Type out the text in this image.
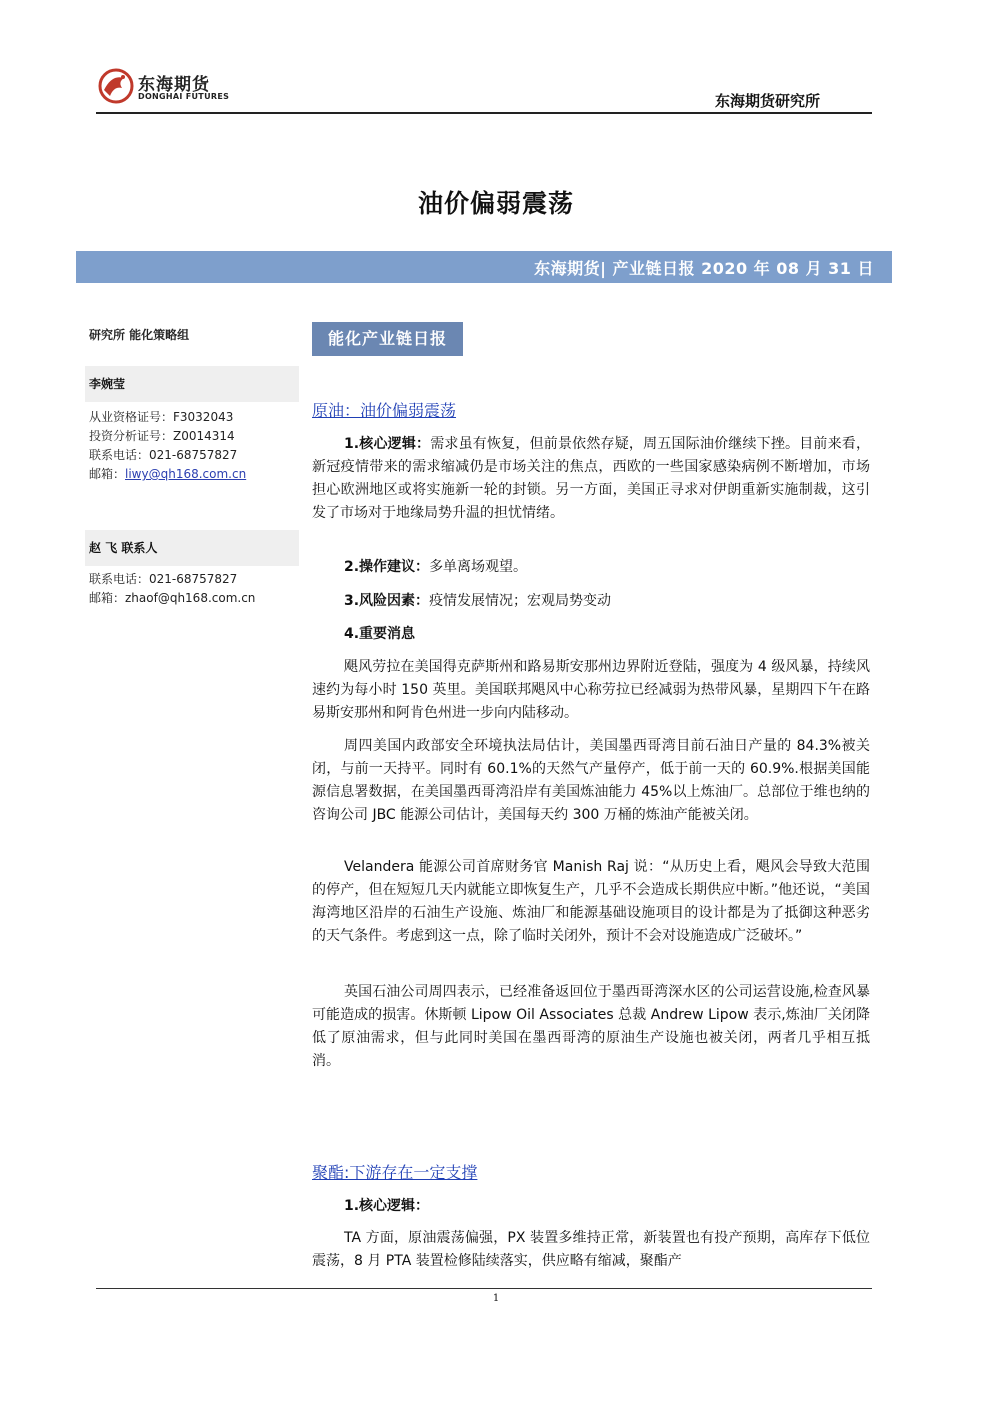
东海期货
DONGHAI FUTURES	东海期货研究所
油价偏弱震荡
东海期货| 产业链日报 2020 年 08 月 31 日
研究所 能化策略组
李婉莹
从业资格证号：F3032043
投资分析证号：Z0014314
联系电话：021-68757827
邮箱：liwy@qh168.com.cn
赵 飞 联系人
联系电话：021-68757827
邮箱：zhaof@qh168.com.cn
能化产业链日报
原油：油价偏弱震荡

1.核心逻辑：需求虽有恢复，但前景依然存疑，周五国际油价继续下挫。目前来看，新冠疫情带来的需求缩减仍是市场关注的焦点，西欧的一些国家感染病例不断增加，市场担心欧洲地区或将实施新一轮的封锁。另一方面，美国正寻求对伊朗重新实施制裁，这引发了市场对于地缘局势升温的担忧情绪。

2.操作建议：多单离场观望。

3.风险因素：疫情发展情况；宏观局势变动

4.重要消息

飓风劳拉在美国得克萨斯州和路易斯安那州边界附近登陆，强度为 4 级风暴，持续风速约为每小时 150 英里。美国联邦飓风中心称劳拉已经减弱为热带风暴，星期四下午在路易斯安那州和阿肯色州进一步向内陆移动。

周四美国内政部安全环境执法局估计，美国墨西哥湾目前石油日产量的 84.3%被关闭，与前一天持平。同时有 60.1%的天然气产量停产，低于前一天的 60.9%.根据美国能源信息署数据，在美国墨西哥湾沿岸有美国炼油能力 45%以上炼油厂。总部位于维也纳的咨询公司 JBC 能源公司估计，美国每天约 300 万桶的炼油产能被关闭。

Velandera 能源公司首席财务官 Manish Raj 说：“从历史上看，飓风会导致大范围的停产，但在短短几天内就能立即恢复生产，几乎不会造成长期供应中断。”他还说，“美国海湾地区沿岸的石油生产设施、炼油厂和能源基础设施项目的设计都是为了抵御这种恶劣的天气条件。考虑到这一点，除了临时关闭外，预计不会对设施造成广泛破坏。”

英国石油公司周四表示，已经准备返回位于墨西哥湾深水区的公司运营设施,检查风暴可能造成的损害。休斯顿 Lipow Oil Associates 总裁 Andrew Lipow 表示,炼油厂关闭降低了原油需求，但与此同时美国在墨西哥湾的原油生产设施也被关闭，两者几乎相互抵消。

聚酯:下游存在一定支撑

1.核心逻辑：

TA 方面，原油震荡偏强，PX 装置多维持正常，新装置也有投产预期，高库存下低位震荡，8 月 PTA 装置检修陆续落实，供应略有缩减，聚酯产

1
